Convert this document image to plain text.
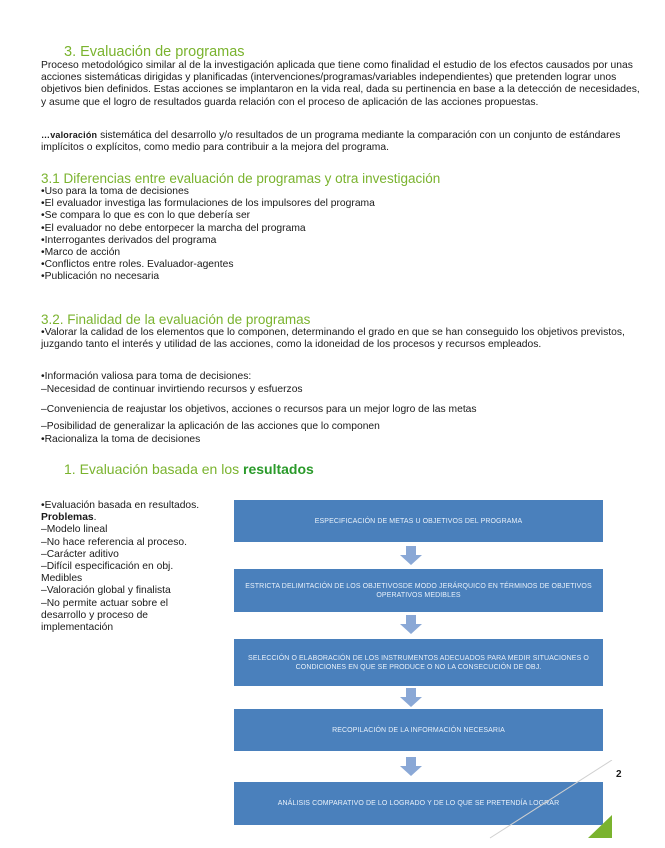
3. Evaluación de programas
Proceso metodológico similar al de la investigación aplicada que tiene como finalidad el estudio de los efectos causados por unas acciones sistemáticas dirigidas y planificadas (intervenciones/programas/variables independientes) que pretenden lograr unos objetivos bien definidos. Estas acciones se implantaron en la vida real, dada su pertinencia en base a la detección de necesidades, y asume que el logro de resultados guarda relación con el proceso de aplicación de las acciones propuestas.
…valoración sistemática del desarrollo y/o resultados de un programa mediante la comparación con un conjunto de estándares implícitos o explícitos, como medio para contribuir a la mejora del programa.
3.1 Diferencias entre evaluación de programas y otra investigación
•Uso para la toma de decisiones
•El evaluador investiga las formulaciones de los impulsores del programa
•Se compara lo que es con lo que debería ser
•El evaluador no debe entorpecer la marcha del programa
•Interrogantes derivados del programa
•Marco de acción
•Conflictos entre roles. Evaluador-agentes
•Publicación no necesaria
3.2. Finalidad de la evaluación de programas
•Valorar la calidad de los elementos que lo componen, determinando el grado en que se han conseguido los objetivos previstos, juzgando tanto el interés y utilidad de las acciones, como la idoneidad de los procesos y recursos empleados.
•Información valiosa para toma de decisiones:
–Necesidad de continuar invirtiendo recursos y esfuerzos
–Conveniencia de reajustar los objetivos, acciones o recursos para un mejor logro de las metas
–Posibilidad de generalizar la aplicación de las acciones que lo componen
•Racionaliza la toma de decisiones
1. Evaluación basada en los resultados
•Evaluación basada en resultados. Problemas.
–Modelo lineal
–No hace referencia al proceso.
–Carácter aditivo
–Difícil especificación en obj. Medibles
–Valoración global y finalista
–No permite actuar sobre el desarrollo y proceso de implementación
ESPECIFICACIÓN DE METAS U OBJETIVOS DEL PROGRAMA
ESTRICTA DELIMITACIÓN DE LOS OBJETIVOSDE MODO JERÁRQUICO EN TÉRMINOS DE OBJETIVOS OPERATIVOS MEDIBLES
SELECCIÓN O ELABORACIÓN DE LOS INSTRUMENTOS ADECUADOS PARA MEDIR SITUACIONES O CONDICIONES EN QUE SE PRODUCE O NO LA CONSECUCIÓN DE OBJ.
RECOPILACIÓN DE LA INFORMACIÓN NECESARIA
ANÁLISIS COMPARATIVO DE LO LOGRADO Y DE LO QUE SE PRETENDÍA LOGRAR
2
